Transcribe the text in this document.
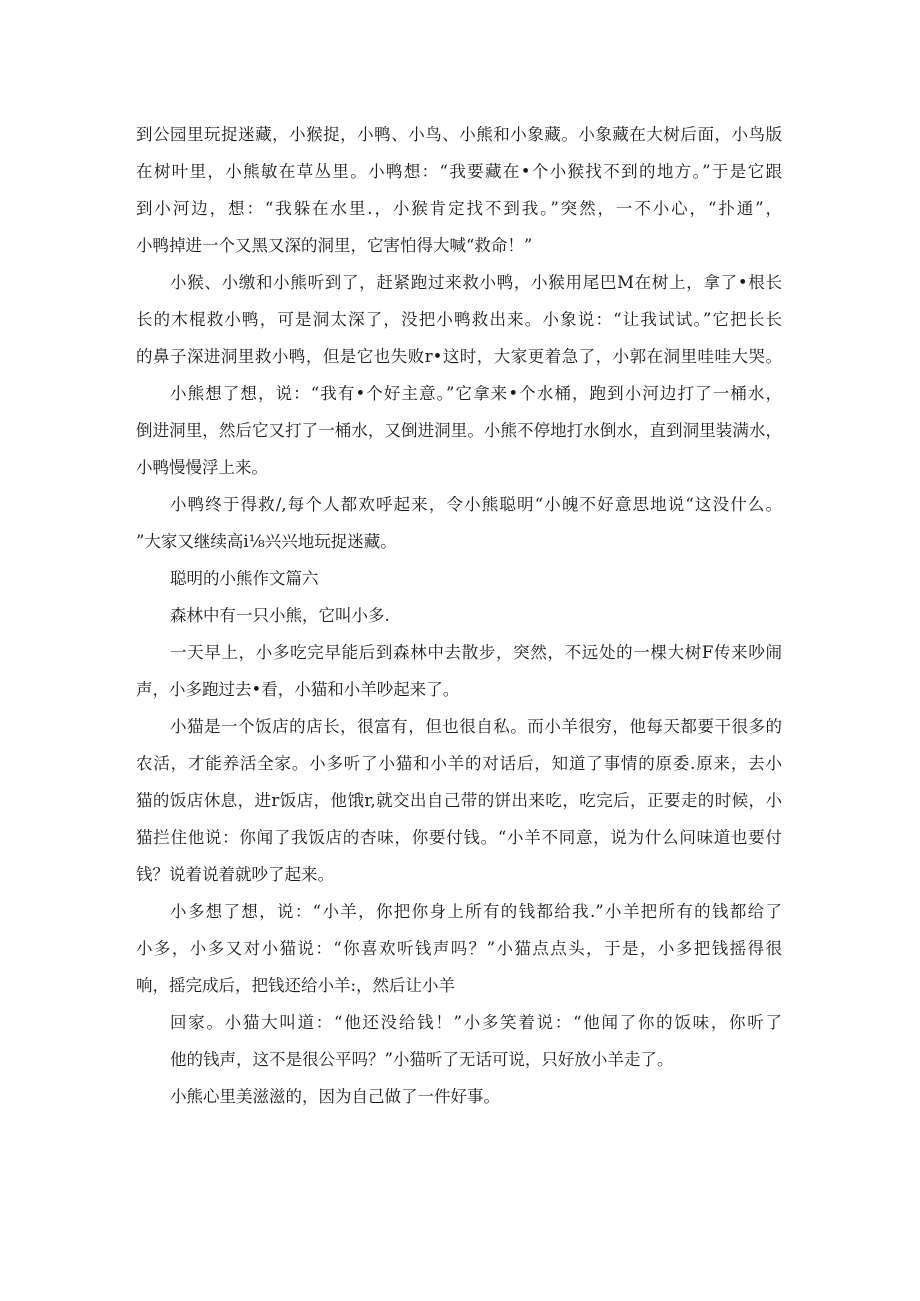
到公园里玩捉迷藏，小猴捉，小鸭、小鸟、小熊和小象藏。小象藏在大树后面，小鸟版
在树叶里，小熊敏在草丛里。小鸭想：“我要藏在•个小猴找不到的地方。”于是它跟
到小河边，想：“我躲在水里.，小猴肯定找不到我。”突然，一不小心，“扑通”，
小鸭掉进一个又黑又深的洞里，它害怕得大喊“救命！”
小猴、小缴和小熊听到了，赶紧跑过来救小鸭，小猴用尾巴M在树上，拿了•根长
长的木棍救小鸭，可是洞太深了，没把小鸭救出来。小象说：“让我试试。”它把长长
的鼻子深进洞里救小鸭，但是它也失败r•这时，大家更着急了，小郭在洞里哇哇大哭。
小熊想了想，说：“我有•个好主意。”它拿来•个水桶，跑到小河边打了一桶水，
倒进洞里，然后它又打了一桶水，又倒进洞里。小熊不停地打水倒水，直到洞里装满水，
小鸭慢慢浮上来。
小鸭终于得救/,每个人都欢呼起来，令小熊聪明“小魄不好意思地说“这没什么。
”大家又继续高i⅛兴兴地玩捉迷藏。
聪明的小熊作文篇六
森林中有一只小熊，它叫小多.
一天早上，小多吃完早能后到森林中去散步，突然，不远处的一棵大树F传来吵闹
声，小多跑过去•看，小猫和小羊吵起来了。
小猫是一个饭店的店长，很富有，但也很自私。而小羊很穷，他每天都要干很多的
农活，才能养活全家。小多听了小猫和小羊的对话后，知道了事情的原委.原来，去小
猫的饭店休息，进r饭店，他饿r,就交出自己带的饼出来吃，吃完后，正要走的时候，小
猫拦住他说：你闻了我饭店的杏味，你要付钱。“小羊不同意，说为什么问味道也要付
钱？说着说着就吵了起来。
小多想了想，说：“小羊，你把你身上所有的钱都给我.”小羊把所有的钱都给了
小多，小多又对小猫说：“你喜欢听钱声吗？”小猫点点头，于是，小多把钱摇得很
响，摇完成后，把钱还给小羊:，然后让小羊
回家。小猫大叫道：“他还没给钱！”小多笑着说：“他闻了你的饭味，你听了
他的钱声，这不是很公平吗？”小猫听了无话可说，只好放小羊走了。
小熊心里美滋滋的，因为自己做了一件好事。
